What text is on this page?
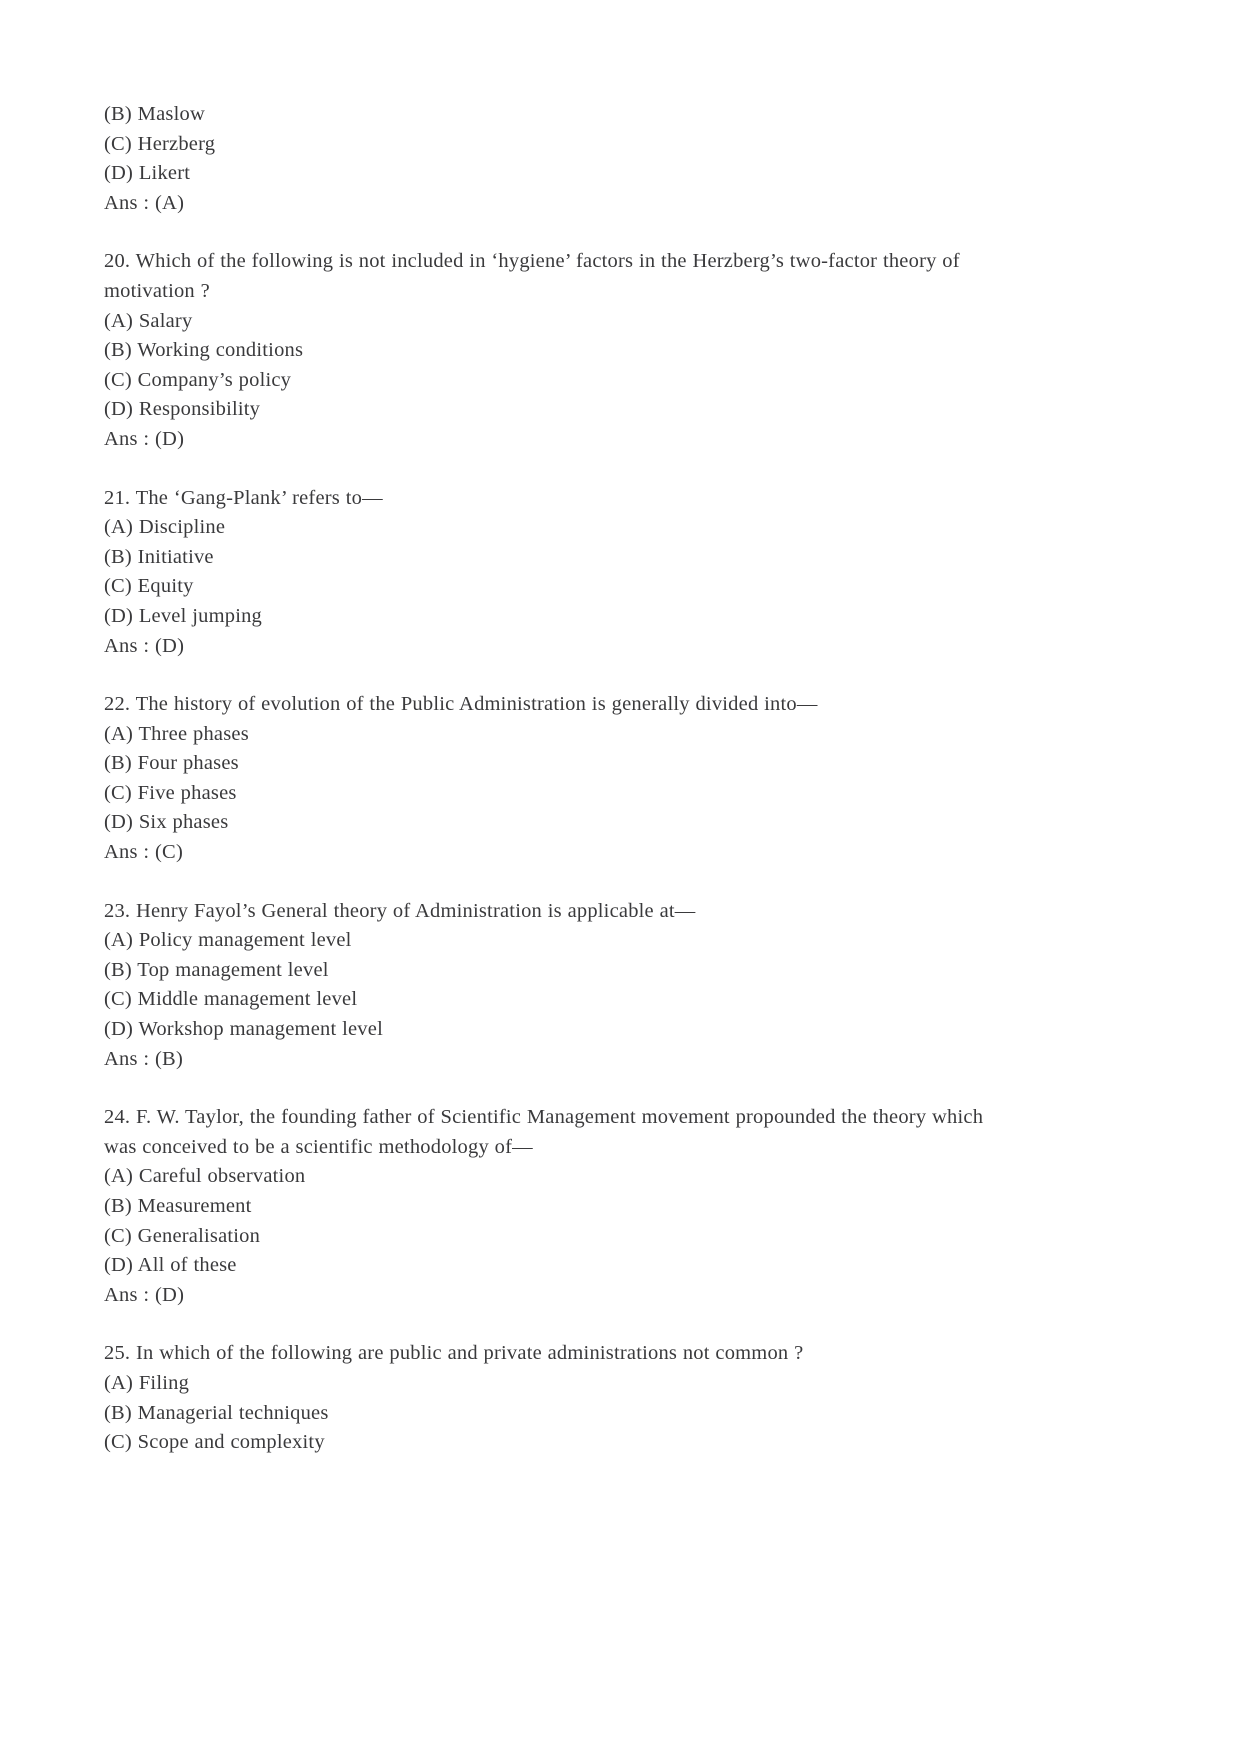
(B) Maslow
(C) Herzberg
(D) Likert
Ans : (A)
20. Which of the following is not included in ‘hygiene’ factors in the Herzberg’s two-factor theory of motivation ?
(A) Salary
(B) Working conditions
(C) Company’s policy
(D) Responsibility
Ans : (D)
21. The ‘Gang-Plank’ refers to—
(A) Discipline
(B) Initiative
(C) Equity
(D) Level jumping
Ans : (D)
22. The history of evolution of the Public Administration is generally divided into—
(A) Three phases
(B) Four phases
(C) Five phases
(D) Six phases
Ans : (C)
23. Henry Fayol’s General theory of Administration is applicable at—
(A) Policy management level
(B) Top management level
(C) Middle management level
(D) Workshop management level
Ans : (B)
24. F. W. Taylor, the founding father of Scientific Management movement propounded the theory which was conceived to be a scientific methodology of—
(A) Careful observation
(B) Measurement
(C) Generalisation
(D) All of these
Ans : (D)
25. In which of the following are public and private administrations not common ?
(A) Filing
(B) Managerial techniques
(C) Scope and complexity
